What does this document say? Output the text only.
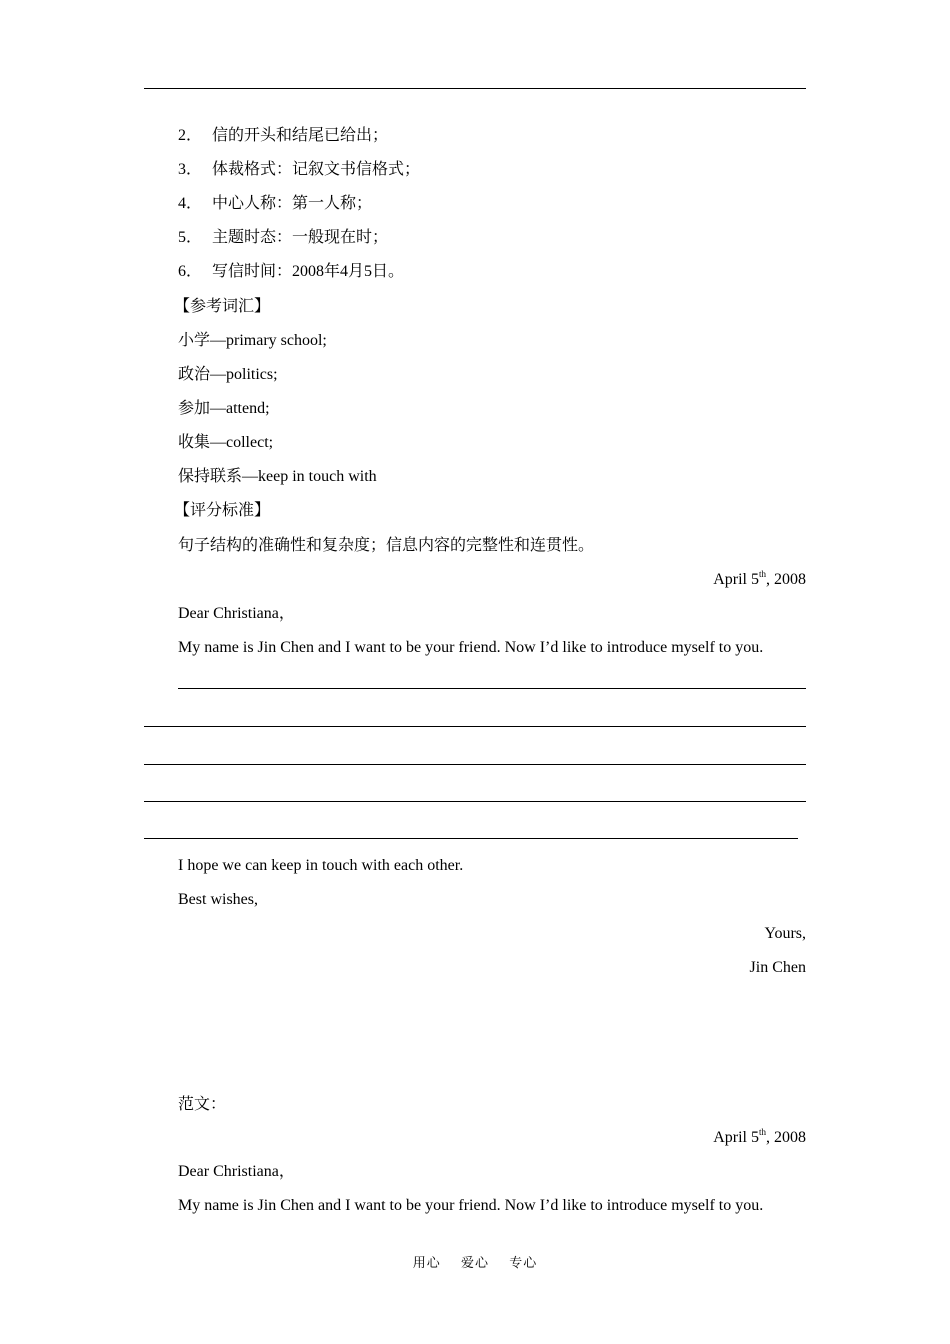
2． 信的开头和结尾已给出；
3． 体裁格式：记叙文书信格式；
4． 中心人称：第一人称；
5． 主题时态：一般现在时；
6． 写信时间：2008年4月5日。
【参考词汇】
小学—primary school;
政治—politics;
参加—attend;
收集—collect;
保持联系—keep in touch with
【评分标准】
句子结构的准确性和复杂度；信息内容的完整性和连贯性。
April 5th, 2008
Dear Christiana，
My name is Jin Chen and I want to be your friend. Now I’d like to introduce myself to you.
I hope we can keep in touch with each other.
Best wishes,
Yours,
Jin Chen
范文：
April 5th, 2008
Dear Christiana，
My name is Jin Chen and I want to be your friend. Now I’d like to introduce myself to you.
用心 爱心 专心
